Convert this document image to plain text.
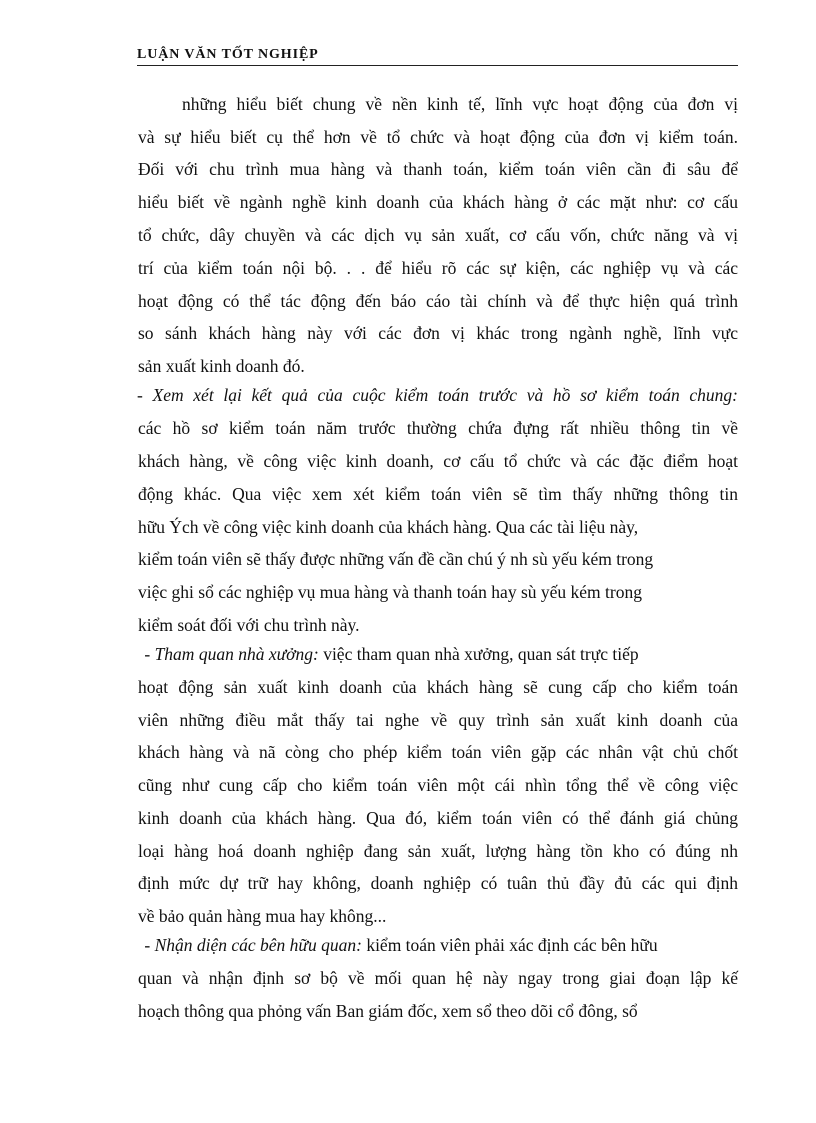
LUẬN VĂN TỐT NGHIỆP
những hiểu biết chung về nền kinh tế, lĩnh vực hoạt động của đơn vị
và sự hiểu biết cụ thể hơn về tổ chức và hoạt động của đơn vị kiểm toán.
Đối với chu trình mua hàng và thanh toán, kiểm toán viên cần đi sâu để
hiểu biết về ngành nghề kinh doanh của khách hàng ở các mặt như: cơ cấu
tổ chức, dây chuyền và các dịch vụ sản xuất, cơ cấu vốn, chức năng và vị
trí của kiểm toán nội bộ. . . để hiểu rõ các sự kiện, các nghiệp vụ và các
hoạt động có thể tác động đến báo cáo tài chính và để thực hiện quá trình
so sánh khách hàng này với các đơn vị khác trong ngành nghề, lĩnh vực
sản xuất kinh doanh đó.
- Xem xét lại kết quả của cuộc kiểm toán trước và hồ sơ kiểm toán chung:
các hồ sơ kiểm toán năm trước thường chứa đựng rất nhiều thông tin về
khách hàng, về công việc kinh doanh, cơ cấu tổ chức và các đặc điểm hoạt
động khác. Qua việc xem xét kiểm toán viên sẽ tìm thấy những thông tin
hữu Ých về công việc kinh doanh của khách hàng. Qua các tài liệu này,
kiểm toán viên sẽ thấy được những vấn đề cần chú ý nh sù yếu kém trong
việc ghi sổ các nghiệp vụ mua hàng và thanh toán hay sù yếu kém trong
kiểm soát đối với chu trình này.
- Tham quan nhà xưởng: việc tham quan nhà xưởng, quan sát trực tiếp
hoạt động sản xuất kinh doanh của khách hàng sẽ cung cấp cho kiểm toán
viên những điều mắt thấy tai nghe về quy trình sản xuất kinh doanh của
khách hàng và nã còng cho phép kiểm toán viên gặp các nhân vật chủ chốt
cũng như cung cấp cho kiểm toán viên một cái nhìn tổng thể về công việc
kinh doanh của khách hàng. Qua đó, kiểm toán viên có thể đánh giá chủng
loại hàng hoá doanh nghiệp đang sản xuất, lượng hàng tồn kho có đúng nh
định mức dự trữ hay không, doanh nghiệp có tuân thủ đầy đủ các qui định
về bảo quản hàng mua hay không...
- Nhận diện các bên hữu quan: kiểm toán viên phải xác định các bên hữu
quan và nhận định sơ bộ về mối quan hệ này ngay trong giai đoạn lập kế
hoạch thông qua phỏng vấn Ban giám đốc, xem sổ theo dõi cổ đông, sổ
